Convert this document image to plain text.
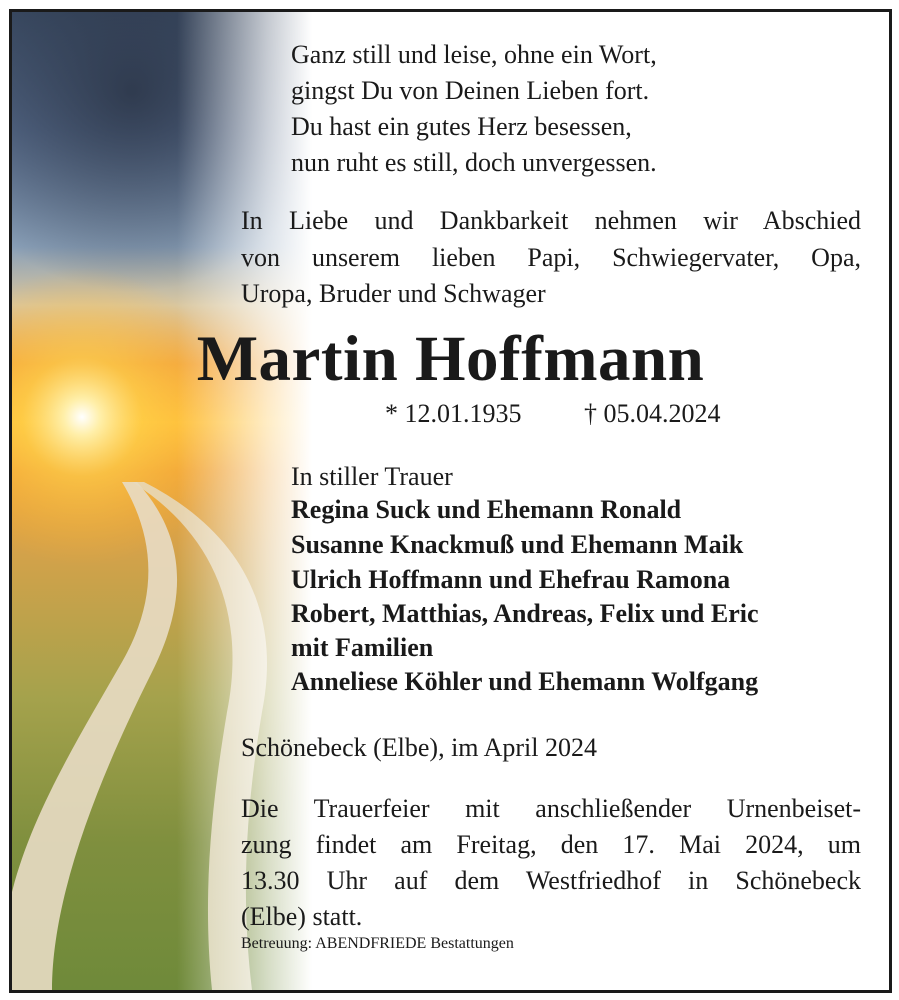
Ganz still und leise, ohne ein Wort,
gingst Du von Deinen Lieben fort.
Du hast ein gutes Herz besessen,
nun ruht es still, doch unvergessen.
In Liebe und Dankbarkeit nehmen wir Abschied
von unserem lieben Papi, Schwiegervater, Opa,
Uropa, Bruder und Schwager
Martin Hoffmann
* 12.01.1935 † 05.04.2024
In stiller Trauer
Regina Suck und Ehemann Ronald
Susanne Knackmuß und Ehemann Maik
Ulrich Hoffmann und Ehefrau Ramona
Robert, Matthias, Andreas, Felix und Eric
mit Familien
Anneliese Köhler und Ehemann Wolfgang
Schönebeck (Elbe), im April 2024
Die Trauerfeier mit anschließender Urnenbeiset-
zung findet am Freitag, den 17. Mai 2024, um
13.30 Uhr auf dem Westfriedhof in Schönebeck
(Elbe) statt.
Betreuung: ABENDFRIEDE Bestattungen
